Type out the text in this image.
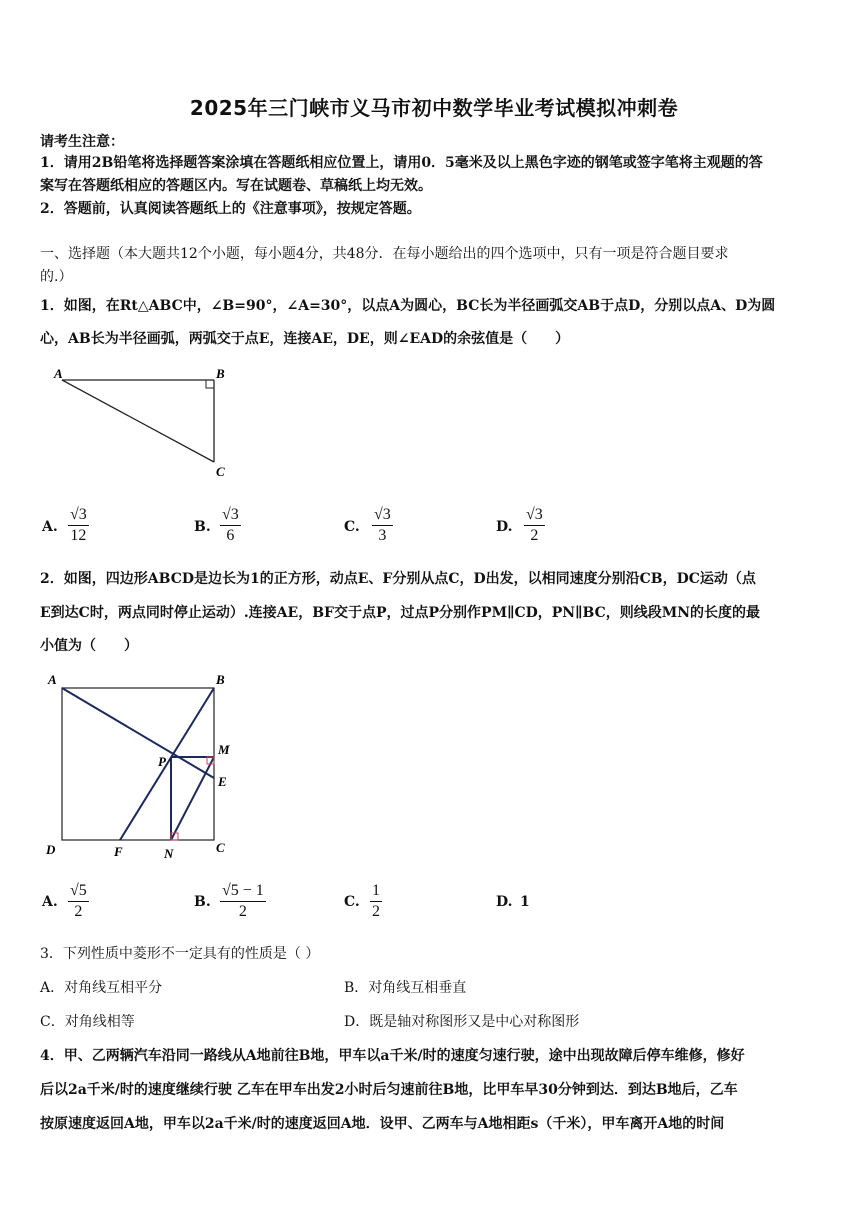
2025年三门峡市义马市初中数学毕业考试模拟冲刺卷
请考生注意：
1．请用2B铅笔将选择题答案涂填在答题纸相应位置上，请用0．5毫米及以上黑色字迹的钢笔或签字笔将主观题的答
案写在答题纸相应的答题区内。写在试题卷、草稿纸上均无效。
2．答题前，认真阅读答题纸上的《注意事项》，按规定答题。
一、选择题（本大题共12个小题，每小题4分，共48分．在每小题给出的四个选项中，只有一项是符合题目要求
的.）
1．如图，在Rt△ABC中，∠B=90°，∠A=30°，以点A为圆心，BC长为半径画弧交AB于点D，分别以点A、D为圆
心，AB长为半径画弧，两弧交于点E，连接AE，DE，则∠EAD的余弦值是（　　）
A	B
C
A. $\frac{√3}{12}$	B. $\frac{√3}{6}$	C. $\frac{√3}{3}$	D. $\frac{√3}{2}$
2．如图，四边形ABCD是边长为1的正方形，动点E、F分别从点C，D出发，以相同速度分别沿CB，DC运动（点
E到达C时，两点同时停止运动）.连接AE，BF交于点P，过点P分别作PM∥CD，PN∥BC，则线段MN的长度的最
小值为（　　）
A	B
C
D
E
F
M
N
P
A. $\frac{√5}{2}$	B. $\frac{√5 - 1}{2}$	C. $\frac{1}{2}$	D. 1
3．下列性质中菱形不一定具有的性质是（ ）
A．对角线互相平分	B．对角线互相垂直
C．对角线相等	D．既是轴对称图形又是中心对称图形
4．甲、乙两辆汽车沿同一路线从A地前往B地，甲车以a千米/时的速度匀速行驶，途中出现故障后停车维修，修好
后以2a千米/时的速度继续行驶 乙车在甲车出发2小时后匀速前往B地，比甲车早30分钟到达．到达B地后，乙车
按原速度返回A地，甲车以2a千米/时的速度返回A地．设甲、乙两车与A地相距s（千米），甲车离开A地的时间
